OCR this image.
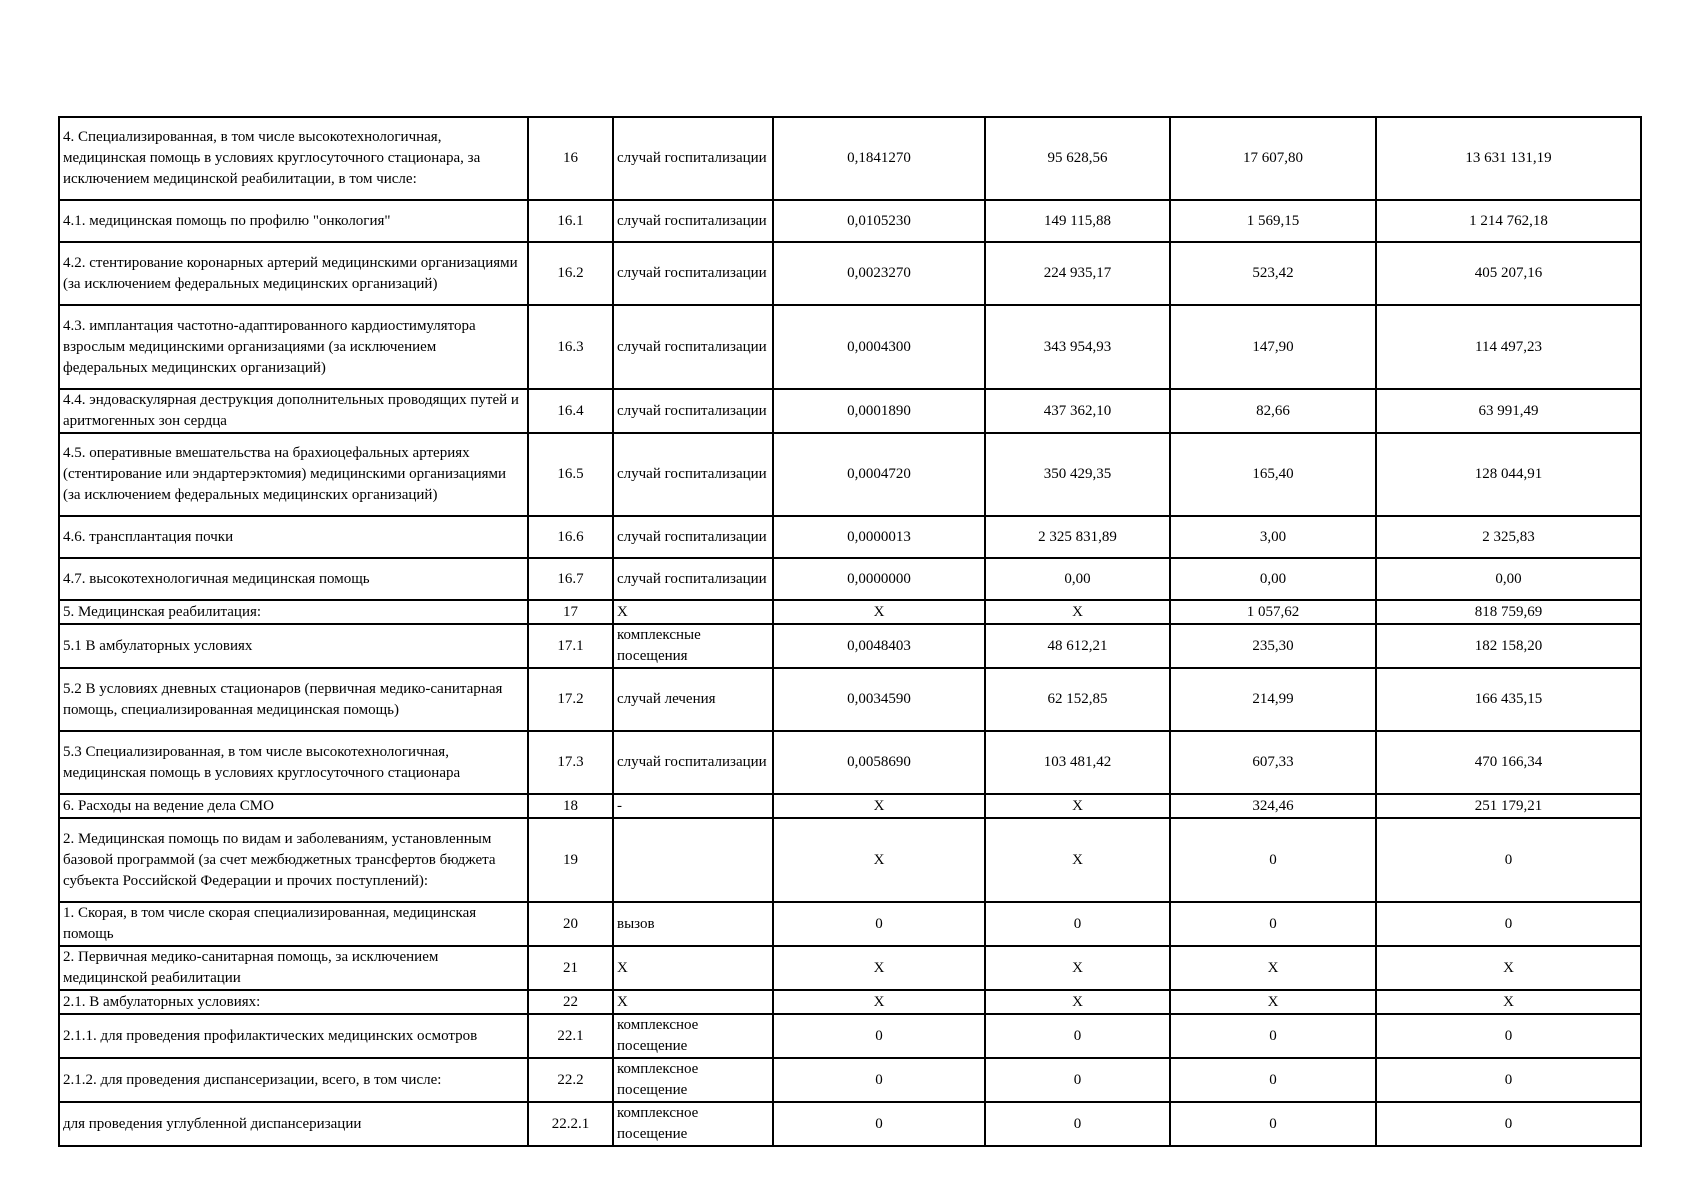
4. Специализированная, в том числе высокотехнологичная, медицинская помощь в условиях круглосуточного стационара, за исключением медицинской реабилитации, в том числе:	16	случай госпитализации	0,1841270	95 628,56	17 607,80	13 631 131,19
4.1. медицинская помощь по профилю "онкология"	16.1	случай госпитализации	0,0105230	149 115,88	1 569,15	1 214 762,18
4.2. стентирование коронарных артерий медицинскими организациями (за исключением федеральных медицинских организаций)	16.2	случай госпитализации	0,0023270	224 935,17	523,42	405 207,16
4.3. имплантация частотно-адаптированного кардиостимулятора взрослым медицинскими организациями (за исключением федеральных медицинских организаций)	16.3	случай госпитализации	0,0004300	343 954,93	147,90	114 497,23
4.4. эндоваскулярная деструкция дополнительных проводящих путей и аритмогенных зон сердца	16.4	случай госпитализации	0,0001890	437 362,10	82,66	63 991,49
4.5. оперативные вмешательства на брахиоцефальных артериях (стентирование или эндартерэктомия) медицинскими организациями (за исключением федеральных медицинских организаций)	16.5	случай госпитализации	0,0004720	350 429,35	165,40	128 044,91
4.6. трансплантация почки	16.6	случай госпитализации	0,0000013	2 325 831,89	3,00	2 325,83
4.7. высокотехнологичная медицинская помощь	16.7	случай госпитализации	0,0000000	0,00	0,00	0,00
5. Медицинская реабилитация:	17	Х	Х	Х	1 057,62	818 759,69
5.1 В амбулаторных условиях	17.1	комплексные посещения	0,0048403	48 612,21	235,30	182 158,20
5.2 В условиях дневных стационаров (первичная медико-санитарная помощь, специализированная медицинская помощь)	17.2	случай лечения	0,0034590	62 152,85	214,99	166 435,15
5.3 Специализированная, в том числе высокотехнологичная, медицинская помощь в условиях круглосуточного стационара	17.3	случай госпитализации	0,0058690	103 481,42	607,33	470 166,34
6. Расходы на ведение дела СМО	18	-	Х	Х	324,46	251 179,21
2. Медицинская помощь по видам и заболеваниям, установленным базовой программой (за счет межбюджетных трансфертов бюджета субъекта Российской Федерации и прочих поступлений):	19		Х	Х	0	0
1. Скорая, в том числе скорая специализированная, медицинская помощь	20	вызов	0	0	0	0
2. Первичная медико-санитарная помощь, за исключением медицинской реабилитации	21	Х	Х	Х	Х	Х
2.1. В амбулаторных условиях:	22	Х	Х	Х	Х	Х
2.1.1. для проведения профилактических медицинских осмотров	22.1	комплексное посещение	0	0	0	0
2.1.2. для проведения диспансеризации, всего, в том числе:	22.2	комплексное посещение	0	0	0	0
для проведения углубленной диспансеризации	22.2.1	комплексное посещение	0	0	0	0
